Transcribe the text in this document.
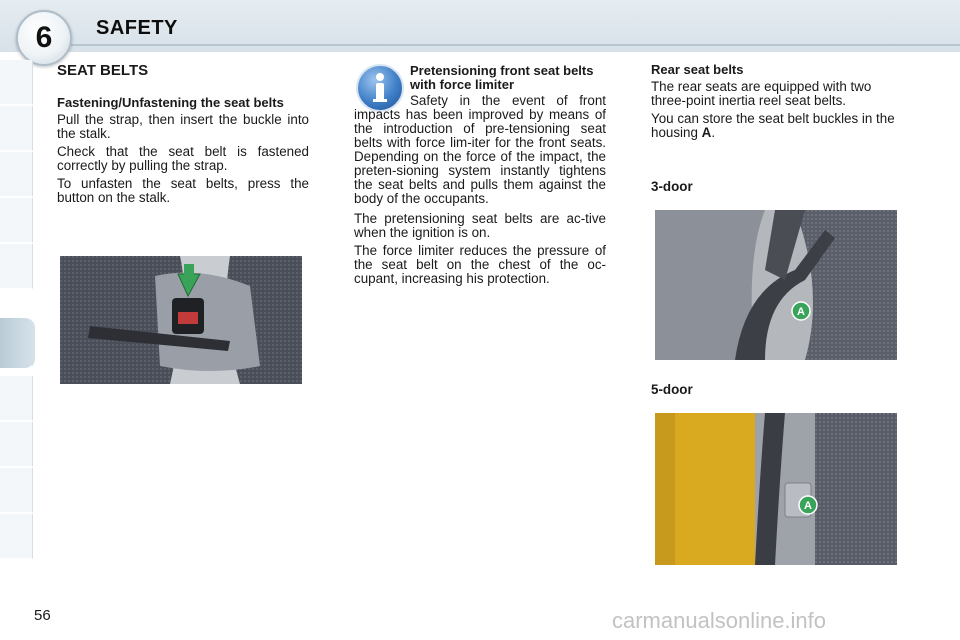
6	SAFETY
SEAT BELTS

Fastening/Unfastening the seat belts

Pull the strap, then insert the buckle into the stalk.

Check that the seat belt is fastened correctly by pulling the strap.

To unfasten the seat belts, press the button on the stalk.

Pretensioning front seat belts with force limiter

Safety in the event of front impacts has been improved by means of the introduction of pre-tensioning seat belts with force lim-iter for the front seats. Depending on the force of the impact, the preten-sioning system instantly tightens the seat belts and pulls them against the body of the occupants.

The pretensioning seat belts are ac-tive when the ignition is on.

The force limiter reduces the pressure of the seat belt on the chest of the oc-cupant, increasing his protection.

Rear seat belts

The rear seats are equipped with two three-point inertia reel seat belts.

You can store the seat belt buckles in the housing A.

3-door
A
5-door
A
56	carmanualsonline.info
